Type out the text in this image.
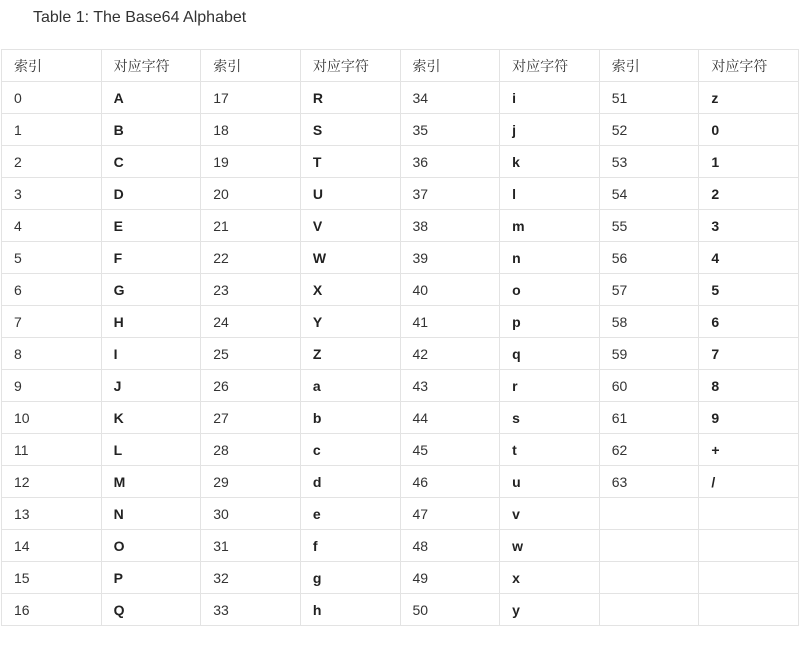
Table 1: The Base64 Alphabet
索引	对应字符	索引	对应字符	索引	对应字符	索引	对应字符
0	A	17	R	34	i	51	z
1	B	18	S	35	j	52	0
2	C	19	T	36	k	53	1
3	D	20	U	37	l	54	2
4	E	21	V	38	m	55	3
5	F	22	W	39	n	56	4
6	G	23	X	40	o	57	5
7	H	24	Y	41	p	58	6
8	I	25	Z	42	q	59	7
9	J	26	a	43	r	60	8
10	K	27	b	44	s	61	9
11	L	28	c	45	t	62	+
12	M	29	d	46	u	63	/
13	N	30	e	47	v		
14	O	31	f	48	w		
15	P	32	g	49	x		
16	Q	33	h	50	y		
